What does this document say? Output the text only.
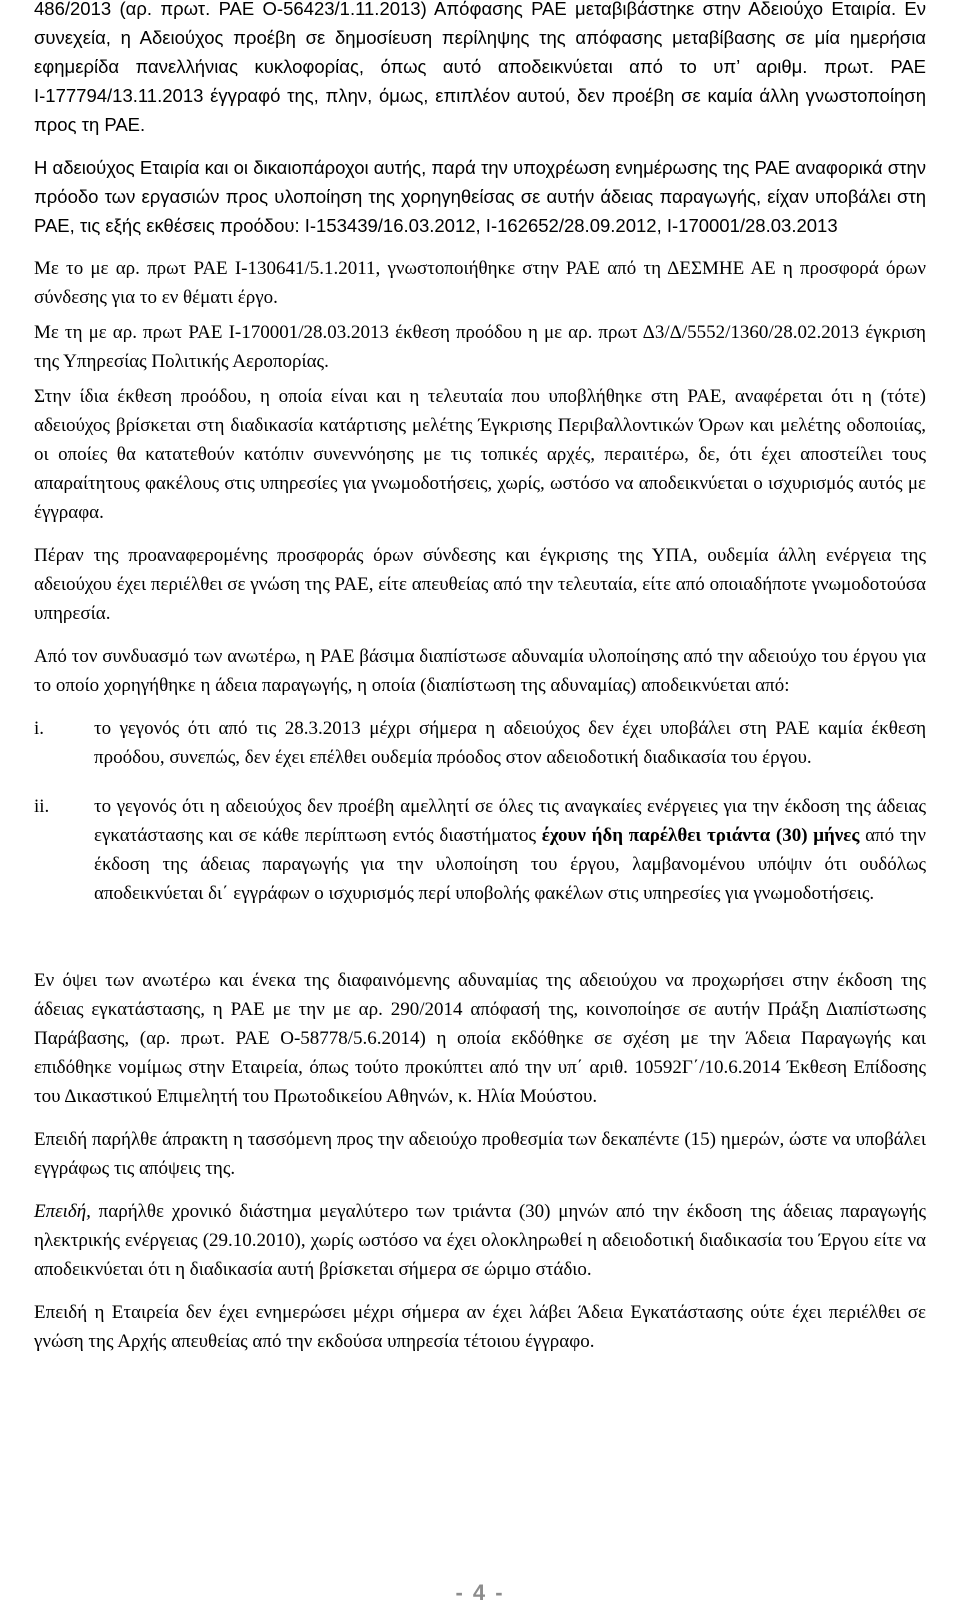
486/2013 (αρ. πρωτ. ΡΑΕ Ο-56423/1.11.2013) Απόφασης ΡΑΕ μεταβιβάστηκε στην Αδειούχο Εταιρία. Εν συνεχεία, η Αδειούχος προέβη σε δημοσίευση περίληψης της απόφασης μεταβίβασης σε μία ημερήσια εφημερίδα πανελλήνιας κυκλοφορίας, όπως αυτό αποδεικνύεται από το υπ’ αριθμ. πρωτ. ΡΑΕ Ι-177794/13.11.2013 έγγραφό της, πλην, όμως, επιπλέον αυτού, δεν προέβη σε καμία άλλη γνωστοποίηση προς τη ΡΑΕ.

Η αδειούχος Εταιρία και οι δικαιοπάροχοι αυτής, παρά την υποχρέωση ενημέρωσης της ΡΑΕ αναφορικά στην πρόοδο των εργασιών προς υλοποίηση της χορηγηθείσας σε αυτήν άδειας παραγωγής, είχαν υποβάλει στη ΡΑΕ, τις εξής εκθέσεις προόδου: Ι-153439/16.03.2012, Ι-162652/28.09.2012, Ι-170001/28.03.2013

Με το με αρ. πρωτ ΡΑΕ Ι-130641/5.1.2011, γνωστοποιήθηκε στην ΡΑΕ από τη ΔΕΣΜΗΕ ΑΕ η προσφορά όρων σύνδεσης για το εν θέματι έργο.

Με τη με αρ. πρωτ ΡΑΕ Ι-170001/28.03.2013 έκθεση προόδου η με αρ. πρωτ Δ3/Δ/5552/1360/28.02.2013 έγκριση της Υπηρεσίας Πολιτικής Αεροπορίας.

Στην ίδια έκθεση προόδου, η οποία είναι και η τελευταία που υποβλήθηκε στη ΡΑΕ, αναφέρεται ότι η (τότε) αδειούχος βρίσκεται στη διαδικασία κατάρτισης μελέτης Έγκρισης Περιβαλλοντικών Όρων και μελέτης οδοποιίας, οι οποίες θα κατατεθούν κατόπιν συνεννόησης με τις τοπικές αρχές, περαιτέρω, δε, ότι έχει αποστείλει τους απαραίτητους φακέλους στις υπηρεσίες για γνωμοδοτήσεις, χωρίς, ωστόσο να αποδεικνύεται ο ισχυρισμός αυτός με έγγραφα.

Πέραν της προαναφερομένης προσφοράς όρων σύνδεσης και έγκρισης της ΥΠΑ, ουδεμία άλλη ενέργεια της αδειούχου έχει περιέλθει σε γνώση της ΡΑΕ, είτε απευθείας από την τελευταία, είτε από οποιαδήποτε γνωμοδοτούσα υπηρεσία.

Από τον συνδυασμό των ανωτέρω, η ΡΑΕ βάσιμα διαπίστωσε αδυναμία υλοποίησης από την αδειούχο του έργου για το οποίο χορηγήθηκε η άδεια παραγωγής, η οποία (διαπίστωση της αδυναμίας) αποδεικνύεται από:

i.	το γεγονός ότι από τις 28.3.2013 μέχρι σήμερα η αδειούχος δεν έχει υποβάλει στη ΡΑΕ καμία έκθεση προόδου, συνεπώς, δεν έχει επέλθει ουδεμία πρόοδος στον αδειοδοτική διαδικασία του έργου.
ii.	το γεγονός ότι η αδειούχος δεν προέβη αμελλητί σε όλες τις αναγκαίες ενέργειες για την έκδοση της άδειας εγκατάστασης και σε κάθε περίπτωση εντός διαστήματος έχουν ήδη παρέλθει τριάντα (30) μήνες από την έκδοση της άδειας παραγωγής για την υλοποίηση του έργου, λαμβανομένου υπόψιν ότι ουδόλως αποδεικνύεται δι΄ εγγράφων ο ισχυρισμός περί υποβολής φακέλων στις υπηρεσίες για γνωμοδοτήσεις.

Εν όψει των ανωτέρω και ένεκα της διαφαινόμενης αδυναμίας της αδειούχου να προχωρήσει στην έκδοση της άδειας εγκατάστασης, η ΡΑΕ με την με αρ. 290/2014 απόφασή της, κοινοποίησε σε αυτήν Πράξη Διαπίστωσης Παράβασης, (αρ. πρωτ. ΡΑΕ Ο-58778/5.6.2014) η οποία εκδόθηκε σε σχέση με την Άδεια Παραγωγής και επιδόθηκε νομίμως στην Εταιρεία, όπως τούτο προκύπτει από την υπ΄ αριθ. 10592Γ΄/10.6.2014 Έκθεση Επίδοσης του Δικαστικού Επιμελητή του Πρωτοδικείου Αθηνών, κ. Ηλία Μούστου.

Επειδή παρήλθε άπρακτη η τασσόμενη προς την αδειούχο προθεσμία των δεκαπέντε (15) ημερών, ώστε να υποβάλει εγγράφως τις απόψεις της.

Επειδή, παρήλθε χρονικό διάστημα μεγαλύτερο των τριάντα (30) μηνών από την έκδοση της άδειας παραγωγής ηλεκτρικής ενέργειας (29.10.2010), χωρίς ωστόσο να έχει ολοκληρωθεί η αδειοδοτική διαδικασία του Έργου είτε να αποδεικνύεται ότι η διαδικασία αυτή βρίσκεται σήμερα σε ώριμο στάδιο.

Επειδή η Εταιρεία δεν έχει ενημερώσει μέχρι σήμερα αν έχει λάβει Άδεια Εγκατάστασης ούτε έχει περιέλθει σε γνώση της Αρχής απευθείας από την εκδούσα υπηρεσία τέτοιου έγγραφο.

- 4 -
